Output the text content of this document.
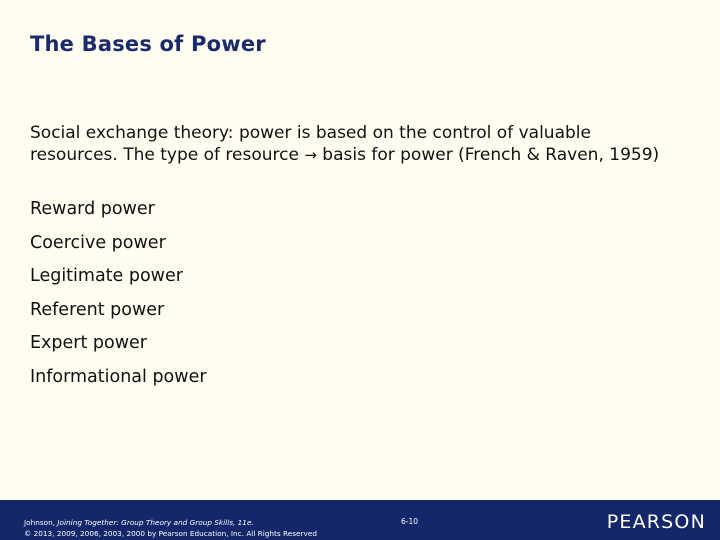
The Bases of Power
Social exchange theory: power is based on the control of valuable resources. The type of resource → basis for power (French & Raven, 1959)
Reward power
Coercive power
Legitimate power
Referent power
Expert power
Informational power
Johnson, Joining Together: Group Theory and Group Skills, 11e.
© 2013, 2009, 2006, 2003, 2000 by Pearson Education, Inc. All Rights Reserved
6-10	PEARSON
